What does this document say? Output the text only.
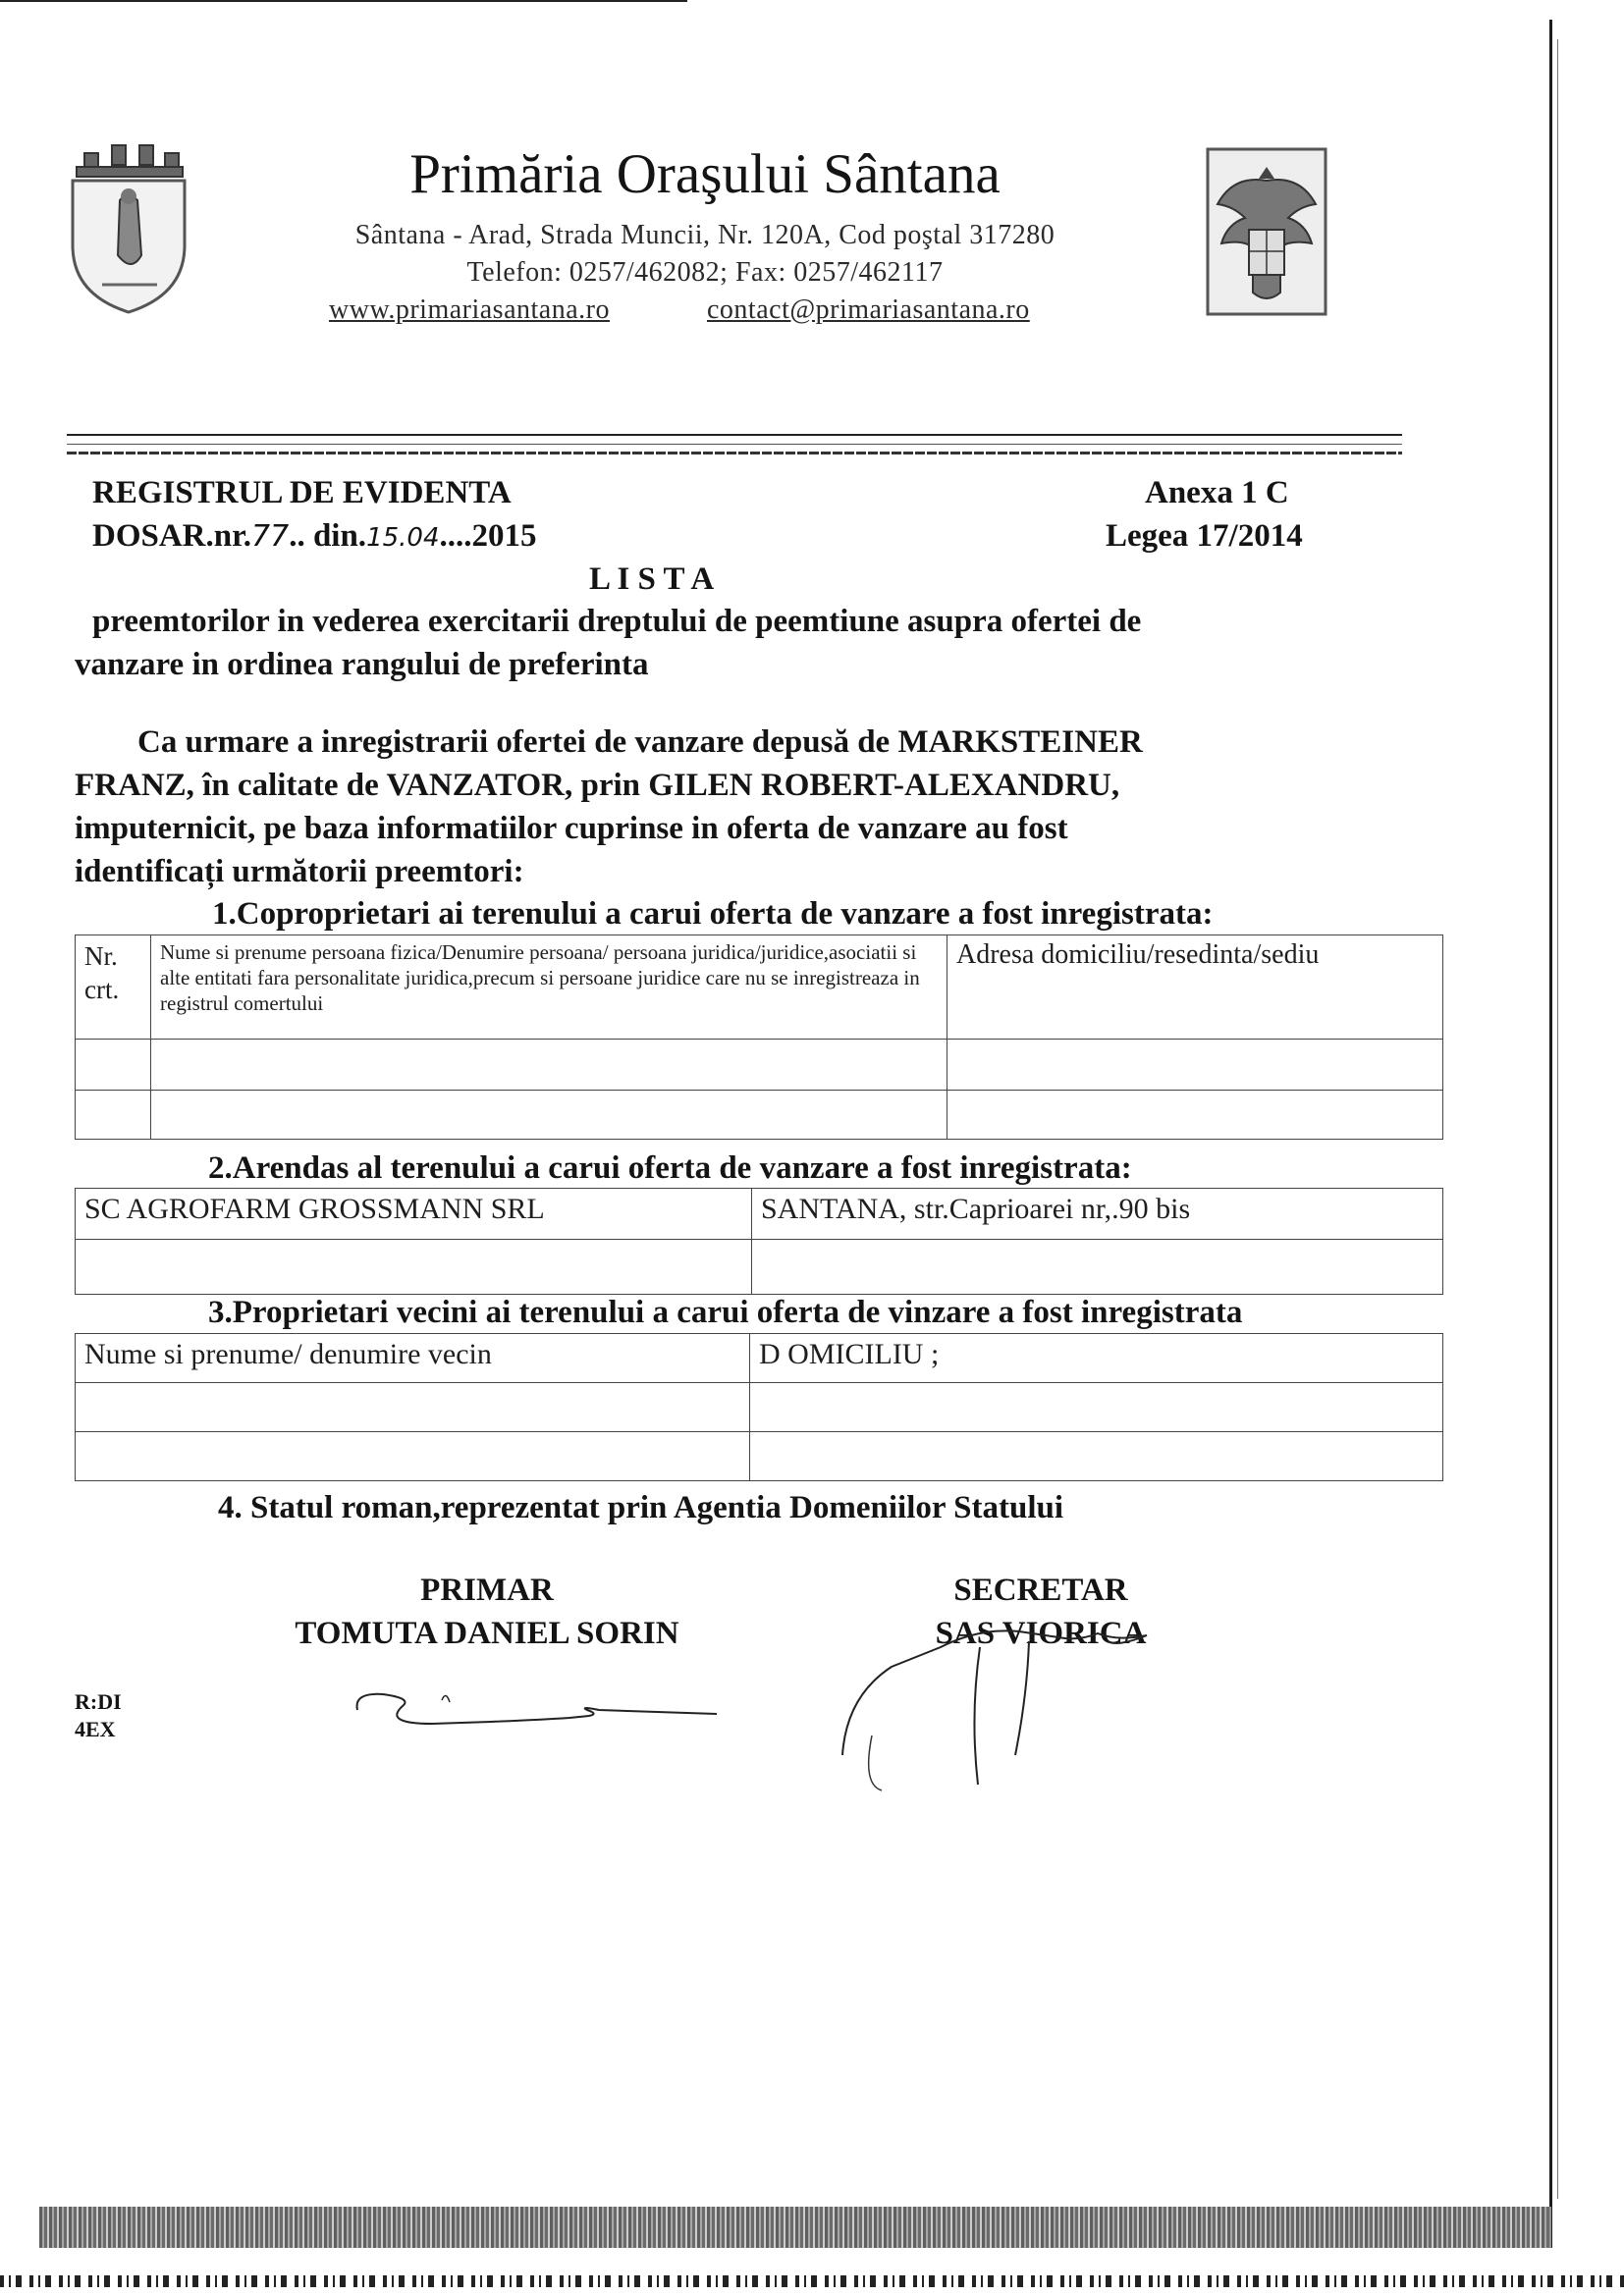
Primăria Oraşului Sântana
Sântana - Arad, Strada Muncii, Nr. 120A, Cod poştal 317280
Telefon: 0257/462082; Fax: 0257/462117
www.primariasantana.ro	contact@primariasantana.ro
REGISTRUL DE EVIDENTA	Anexa 1 C
DOSAR.nr.77.. din.15.04....2015	Legea 17/2014
L I S T A
preemtorilor in vederea exercitarii dreptului de peemtiune asupra ofertei de
vanzare in ordinea rangului de preferinta
Ca urmare a inregistrarii ofertei de vanzare depusă de MARKSTEINER
FRANZ, în calitate de VANZATOR, prin GILEN ROBERT-ALEXANDRU,
imputernicit, pe baza informatiilor cuprinse in oferta de vanzare au fost
identificați următorii preemtori:
1.Coproprietari ai terenului a carui oferta de vanzare a fost inregistrata:
Nr. crt.	Nume si prenume persoana fizica/Denumire persoana/ persoana juridica/juridice,asociatii si alte entitati fara personalitate juridica,precum si persoane juridice care nu se inregistreaza in registrul comertului	Adresa domiciliu/resedinta/sediu

2.Arendas al terenului a carui oferta de vanzare a fost inregistrata:
SC AGROFARM GROSSMANN SRL	SANTANA, str.Caprioarei nr,.90 bis

3.Proprietari vecini ai terenului a carui oferta de vinzare a fost inregistrata
Nume si prenume/ denumire vecin	D OMICILIU ;

4. Statul roman,reprezentat prin Agentia Domeniilor Statului
PRIMAR
TOMUTA DANIEL SORIN
SECRETAR
SAS VIORICA
R:DI
4EX
